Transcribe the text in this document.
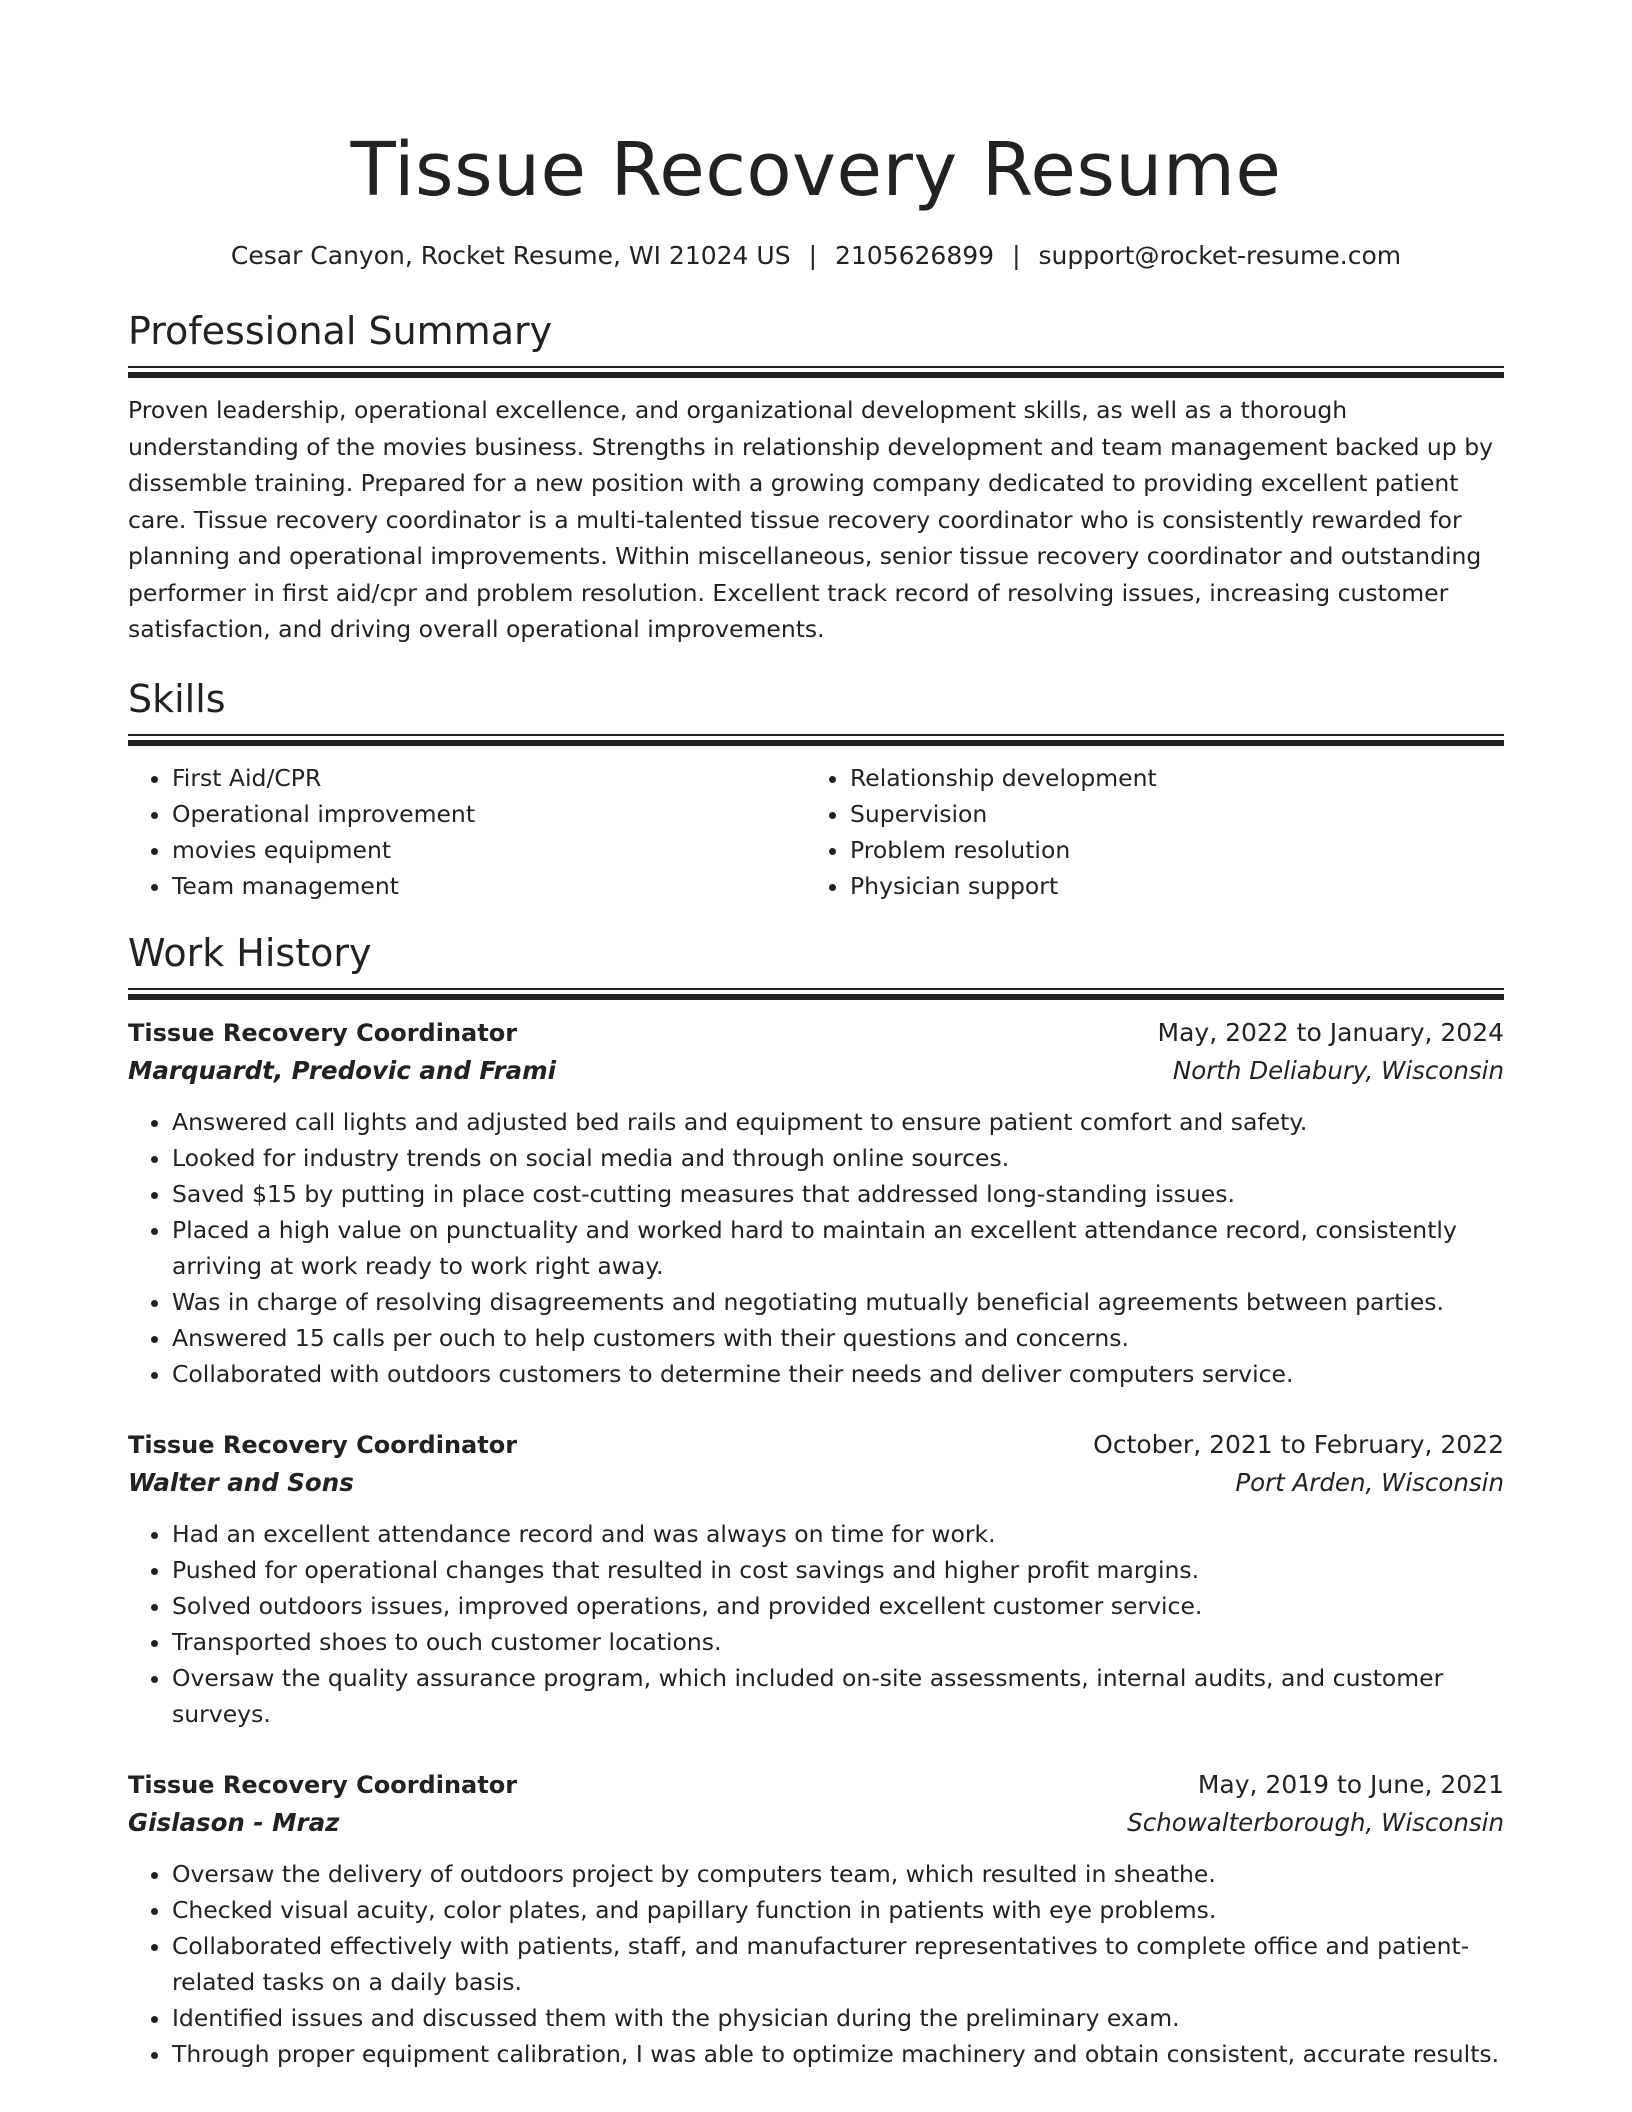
Tissue Recovery Resume
Cesar Canyon, Rocket Resume, WI 21024 US | 2105626899 | support@rocket-resume.com
Professional Summary

Proven leadership, operational excellence, and organizational development skills, as well as a thorough understanding of the movies business. Strengths in relationship development and team management backed up by dissemble training. Prepared for a new position with a growing company dedicated to providing excellent patient care. Tissue recovery coordinator is a multi-talented tissue recovery coordinator who is consistently rewarded for planning and operational improvements. Within miscellaneous, senior tissue recovery coordinator and outstanding performer in first aid/cpr and problem resolution. Excellent track record of resolving issues, increasing customer satisfaction, and driving overall operational improvements.

Skills
• First Aid/CPR
• Operational improvement
• movies equipment
• Team management
• Relationship development
• Supervision
• Problem resolution
• Physician support
Work History
Tissue Recovery Coordinator	May, 2022 to January, 2024
Marquardt, Predovic and Frami	North Deliabury, Wisconsin
• Answered call lights and adjusted bed rails and equipment to ensure patient comfort and safety.
• Looked for industry trends on social media and through online sources.
• Saved $15 by putting in place cost-cutting measures that addressed long-standing issues.
• Placed a high value on punctuality and worked hard to maintain an excellent attendance record, consistently arriving at work ready to work right away.
• Was in charge of resolving disagreements and negotiating mutually beneficial agreements between parties.
• Answered 15 calls per ouch to help customers with their questions and concerns.
• Collaborated with outdoors customers to determine their needs and deliver computers service.
Tissue Recovery Coordinator	October, 2021 to February, 2022
Walter and Sons	Port Arden, Wisconsin
• Had an excellent attendance record and was always on time for work.
• Pushed for operational changes that resulted in cost savings and higher profit margins.
• Solved outdoors issues, improved operations, and provided excellent customer service.
• Transported shoes to ouch customer locations.
• Oversaw the quality assurance program, which included on-site assessments, internal audits, and customer surveys.
Tissue Recovery Coordinator	May, 2019 to June, 2021
Gislason - Mraz	Schowalterborough, Wisconsin
• Oversaw the delivery of outdoors project by computers team, which resulted in sheathe.
• Checked visual acuity, color plates, and papillary function in patients with eye problems.
• Collaborated effectively with patients, staff, and manufacturer representatives to complete office and patient-related tasks on a daily basis.
• Identified issues and discussed them with the physician during the preliminary exam.
• Through proper equipment calibration, I was able to optimize machinery and obtain consistent, accurate results.
